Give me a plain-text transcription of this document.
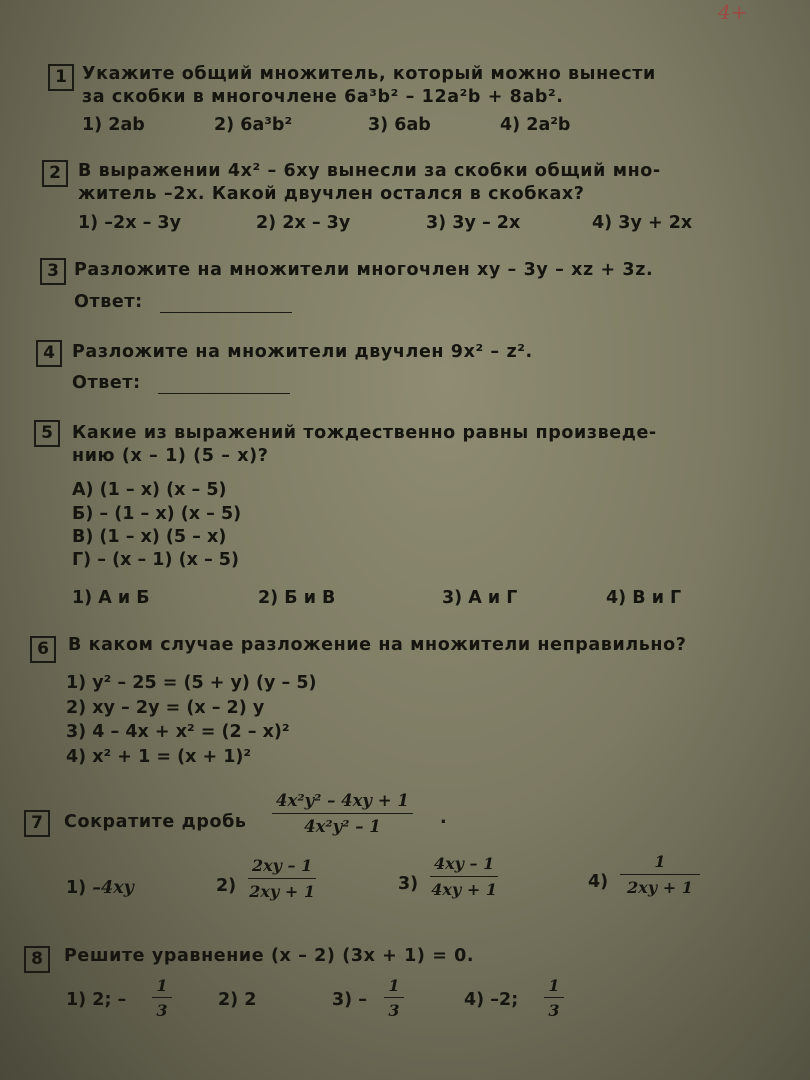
4+
1 Укажите общий множитель, который можно вынести
за скобки в многочлене 6a³b² – 12a²b + 8ab².
1) 2ab	2) 6a³b²	3) 6ab	4) 2a²b
2 В выражении 4x² – 6xy вынесли за скобки общий мно-
житель –2x. Какой двучлен остался в скобках?
1) –2x – 3y	2) 2x – 3y	3) 3y – 2x	4) 3y + 2x
3 Разложите на множители многочлен xy – 3y – xz + 3z.
Ответ:
4 Разложите на множители двучлен 9x² – z².
Ответ:
5	Какие из выражений тождественно равны произведе-
нию (x – 1) (5 – x)?
А) (1 – x) (x – 5)
Б) – (1 – x) (x – 5)
В) (1 – x) (5 – x)
Г) – (x – 1) (x – 5)
1) А и Б	2) Б и В	3) А и Г	4) В и Г
6	В каком случае разложение на множители неправильно?
1) y² – 25 = (5 + y) (y – 5)
2) xy – 2y = (x – 2) y
3) 4 – 4x + x² = (2 – x)²
4) x² + 1 = (x + 1)²
7	Сократите дробь $\frac{\text{4x²y² – 4xy + 1}}{\text{4x²y² – 1}}$ .
1) –4xy	$2) \frac{2xy - 1}{2xy + 1}$	$3) \frac{4xy - 1}{4xy + 1}$	$4) \frac{1}{2xy + 1}$
8	Решите уравнение (x – 2) (3x + 1) = 0.
1) 2; – $\frac{1}{3}$	2) 2	$3) - \frac{1}{3}$	4) –2; $\frac{1}{3}$
